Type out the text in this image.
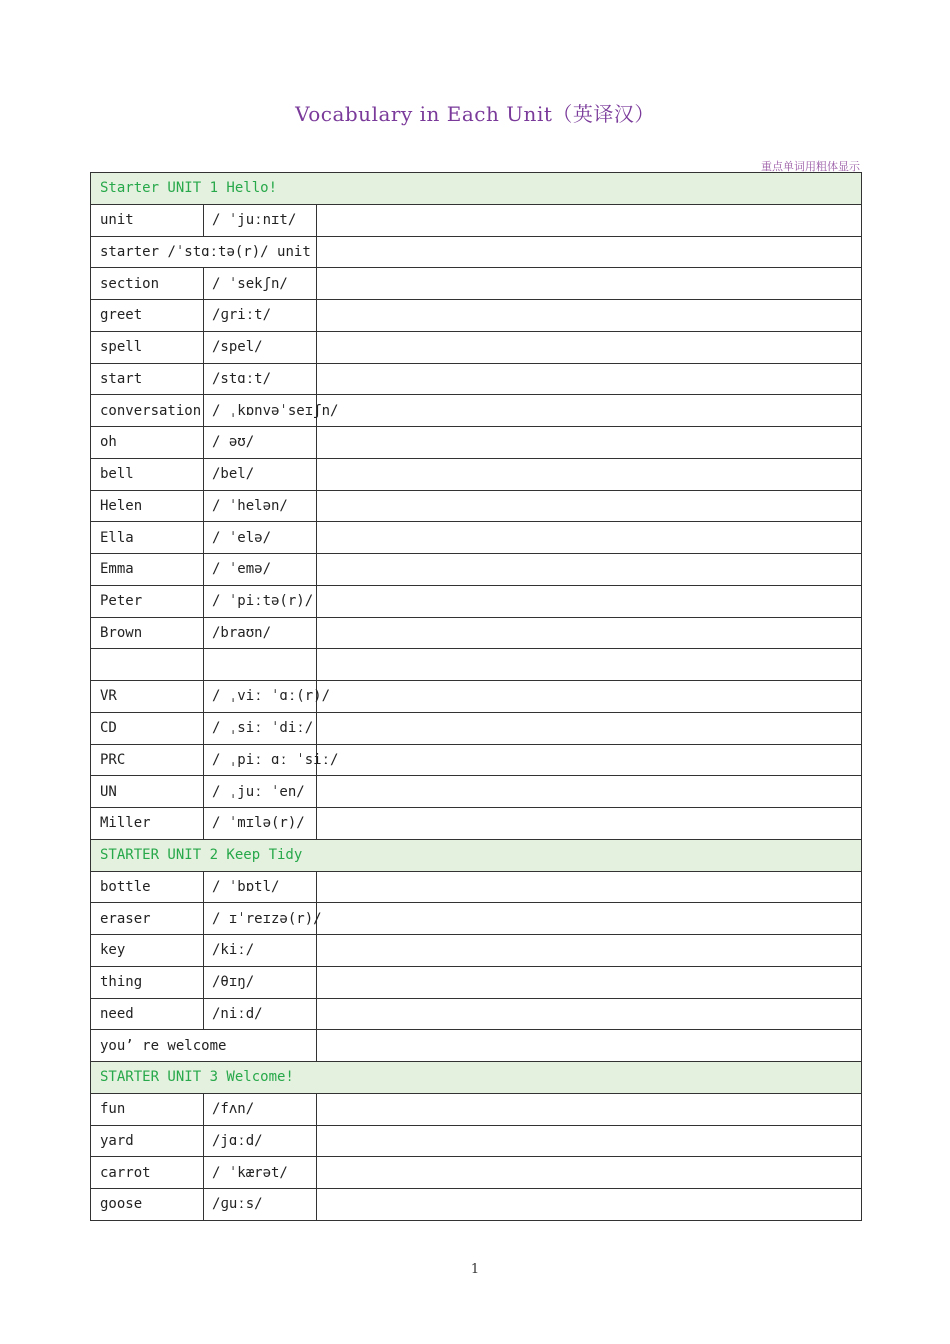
Vocabulary in Each Unit（英译汉）
重点单词用粗体显示
Starter UNIT 1 Hello!		
unit	/ ˈjuːnɪt/	
starter /ˈstɑːtə(r)/ unit		
section	/ ˈsekʃn/	
greet	/ɡriːt/	
spell	/spel/	
start	/stɑːt/	
conversation	/ ˌkɒnvəˈseɪʃn/	
oh	/ əʊ/	
bell	/bel/	
Helen	/ ˈhelən/	
Ella	/ ˈelə/	
Emma	/ ˈemə/	
Peter	/ ˈpiːtə(r)/	
Brown	/braʊn/	

VR	/ ˌviː ˈɑː(r)/	
CD	/ ˌsiː ˈdiː/	
PRC	/ ˌpiː ɑː ˈsiː/	
UN	/ ˌjuː ˈen/	
Miller	/ ˈmɪlə(r)/	
STARTER UNIT 2 Keep Tidy		
bottle	/ ˈbɒtl/	
eraser	/ ɪˈreɪzə(r)/	
key	/kiː/	
thing	/θɪŋ/	
need	/niːd/	
you’ re welcome		
STARTER UNIT 3 Welcome!		
fun	/fʌn/	
yard	/jɑːd/	
carrot	/ ˈkærət/	
goose	/ɡuːs/	
1
